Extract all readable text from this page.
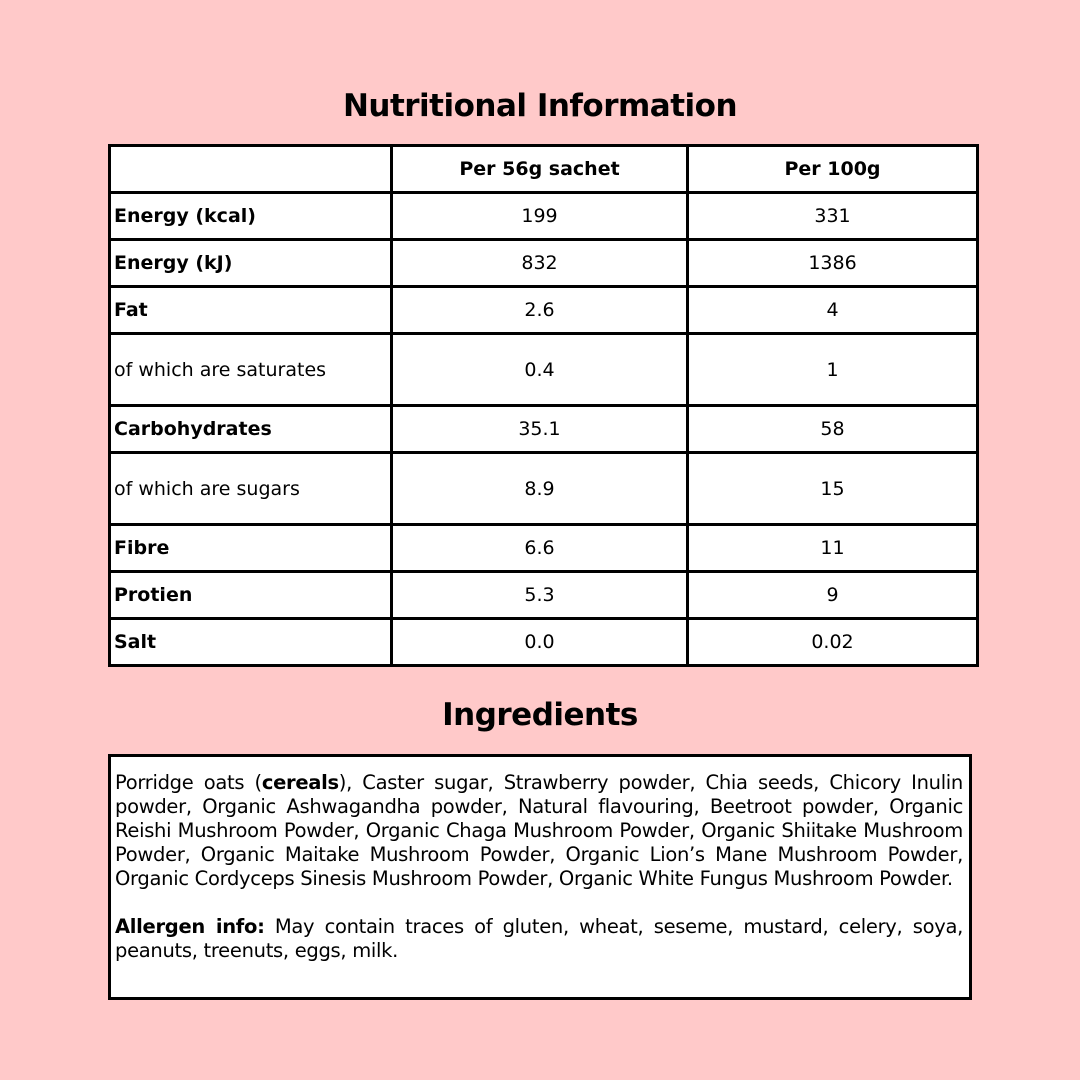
Nutritional Information
	Per 56g sachet	Per 100g
Energy (kcal)	199	331
Energy (kJ)	832	1386
Fat	2.6	4
of which are saturates	0.4	1
Carbohydrates	35.1	58
of which are sugars	8.9	15
Fibre	6.6	11
Protien	5.3	9
Salt	0.0	0.02
Ingredients

Porridge oats (cereals), Caster sugar, Strawberry powder, Chia seeds, Chicory Inulin powder, Organic Ashwagandha powder, Natural flavouring, Beetroot powder, Organic Reishi Mushroom Powder, Organic Chaga Mushroom Powder, Organic Shiitake Mushroom Powder, Organic Maitake Mushroom Powder, Organic Lion’s Mane Mushroom Powder, Organic Cordyceps Sinesis Mushroom Powder, Organic White Fungus Mushroom Powder.

Allergen info: May contain traces of gluten, wheat, seseme, mustard, celery, soya, peanuts, treenuts, eggs, milk.
